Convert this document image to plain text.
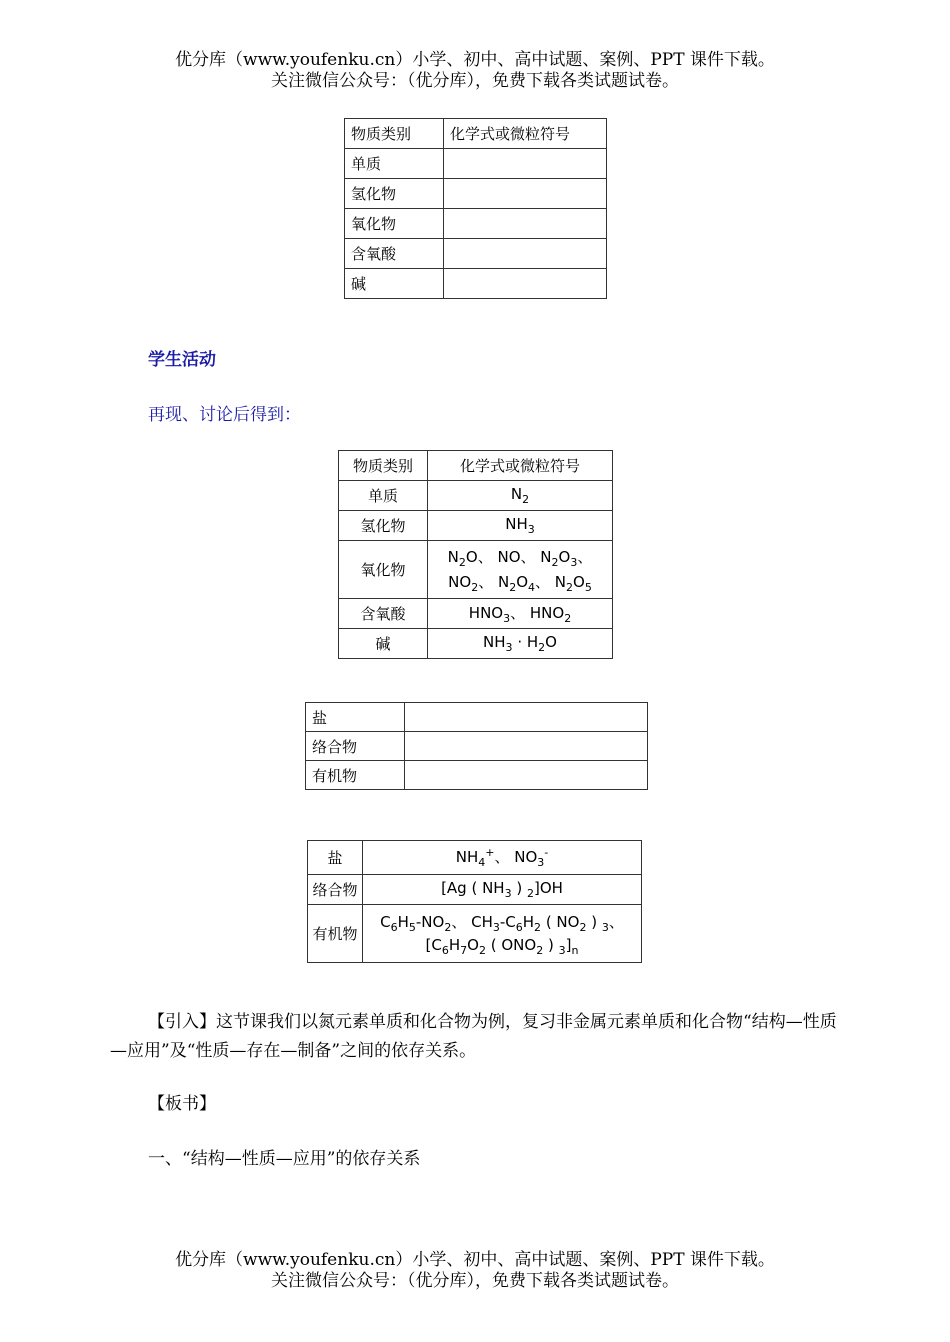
优分库（www.youfenku.cn）小学、初中、高中试题、案例、PPT 课件下载。
关注微信公众号：（优分库），免费下载各类试题试卷。
物质类别	化学式或微粒符号
单质	
氢化物	
氧化物	
含氧酸	
碱	
学生活动
再现、讨论后得到：
物质类别	化学式或微粒符号
单质	$N_2$
氢化物	$NH_3$
氧化物	$N_2O$、 NO、 $N_2O_3$、
$NO_2$、 $N_2O_4$、 $N_2O_5$

含氧酸	$HNO_3$、 $HNO_2$
碱	$NH_3 \cdot H_2O$
盐	
络合物	
有机物	
盐	$NH_4^+$、 $NO_3^-$
络合物	[Ag ( $NH_3$ ) $_2$]OH
有机物	$C_6H_5-NO_2$、 $CH_3-C_6H_2$ ( $NO_2$ ) $_3$、
[$C_6H_7O_2$ ( $ONO_2$ ) $_3]_n$
【引入】这节课我们以氮元素单质和化合物为例，复习非金属元素单质和化合物“结构—性质—应用”及“性质—存在—制备”之间的依存关系。
【板书】
一、“结构—性质—应用”的依存关系
优分库（www.youfenku.cn）小学、初中、高中试题、案例、PPT 课件下载。
关注微信公众号：（优分库），免费下载各类试题试卷。
